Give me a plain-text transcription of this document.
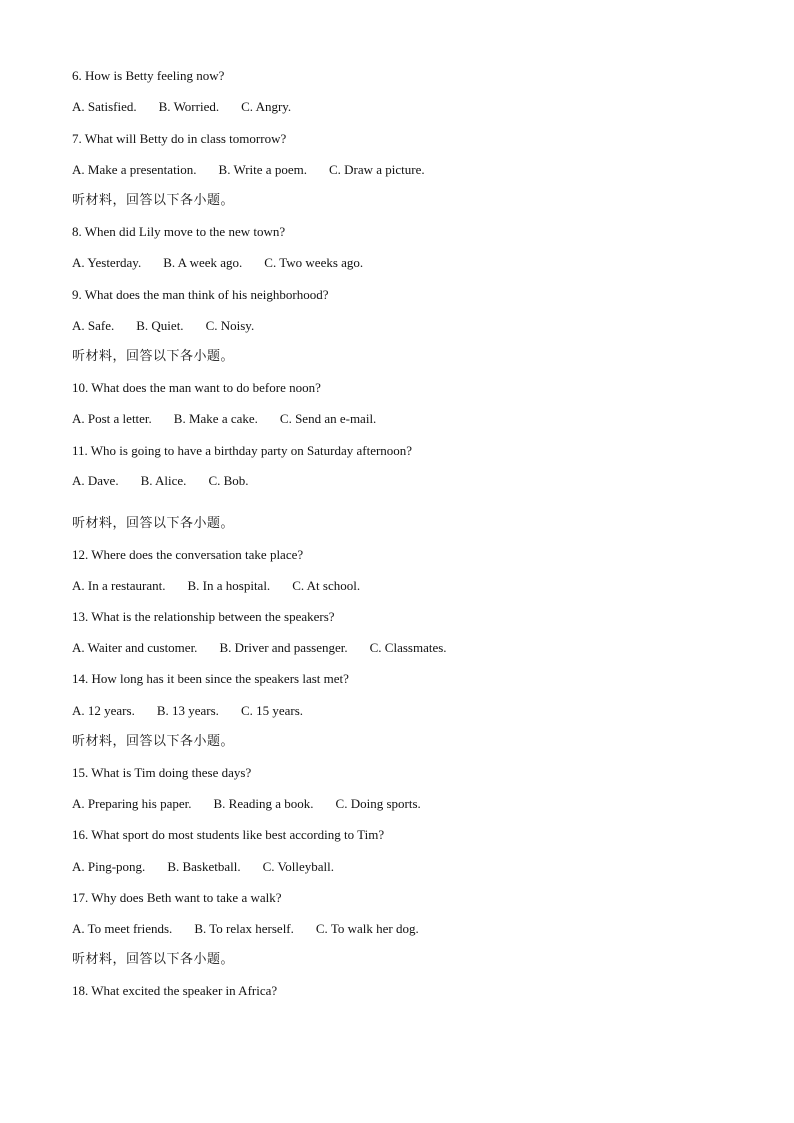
6. How is Betty feeling now?
A. Satisfied. B. Worried. C. Angry.
7. What will Betty do in class tomorrow?
A. Make a presentation. B. Write a poem. C. Draw a picture.
听材料，回答以下各小题。
8. When did Lily move to the new town?
A. Yesterday. B. A week ago. C. Two weeks ago.
9. What does the man think of his neighborhood?
A. Safe. B. Quiet. C. Noisy.
听材料，回答以下各小题。
10. What does the man want to do before noon?
A. Post a letter. B. Make a cake. C. Send an e-mail.
11. Who is going to have a birthday party on Saturday afternoon?
A. Dave. B. Alice. C. Bob.
听材料，回答以下各小题。
12. Where does the conversation take place?
A. In a restaurant. B. In a hospital. C. At school.
13. What is the relationship between the speakers?
A. Waiter and customer. B. Driver and passenger. C. Classmates.
14. How long has it been since the speakers last met?
A. 12 years. B. 13 years. C. 15 years.
听材料，回答以下各小题。
15. What is Tim doing these days?
A. Preparing his paper. B. Reading a book. C. Doing sports.
16. What sport do most students like best according to Tim?
A. Ping-pong. B. Basketball. C. Volleyball.
17. Why does Beth want to take a walk?
A. To meet friends. B. To relax herself. C. To walk her dog.
听材料，回答以下各小题。
18. What excited the speaker in Africa?
